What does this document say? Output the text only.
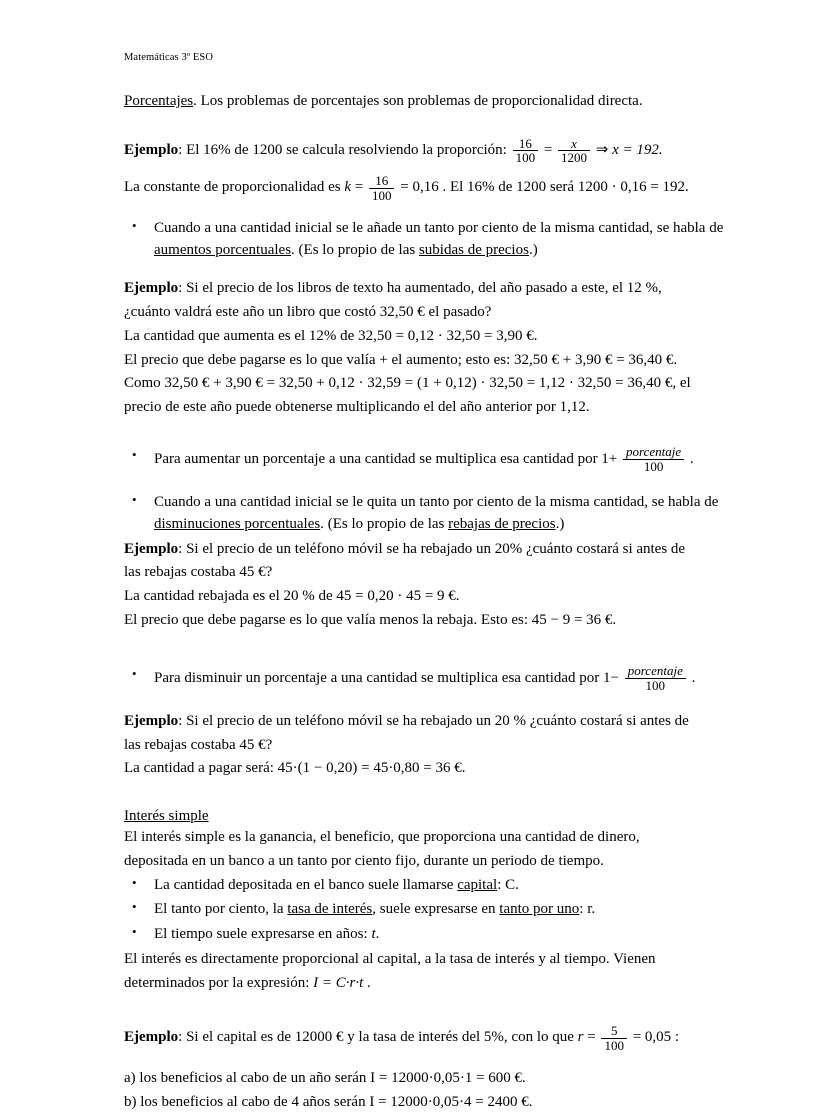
Matemáticas 3º ESO

Porcentajes. Los problemas de porcentajes son problemas de proporcionalidad directa.

Ejemplo: El 16% de 1200 se calcula resolviendo la proporción: $\frac{16}{100} = \frac{x}{1200}$ ⇒ x = 192.

La constante de proporcionalidad es $k = \frac{16}{100} = 0,16$ . El 16% de 1200 será 1200 · 0,16 = 192.

• Cuando a una cantidad inicial se le añade un tanto por ciento de la misma cantidad, se habla de aumentos porcentuales. (Es lo propio de las subidas de precios.)

Ejemplo: Si el precio de los libros de texto ha aumentado, del año pasado a este, el 12 %,

¿cuánto valdrá este año un libro que costó 32,50 € el pasado?

La cantidad que aumenta es el 12% de 32,50 = 0,12 · 32,50 = 3,90 €.

El precio que debe pagarse es lo que valía + el aumento; esto es: 32,50 € + 3,90 € = 36,40 €.

Como 32,50 € + 3,90 € = 32,50 + 0,12 · 32,59 = (1 + 0,12) · 32,50 = 1,12 · 32,50 = 36,40 €, el

precio de este año puede obtenerse multiplicando el del año anterior por 1,12.

• Para aumentar un porcentaje a una cantidad se multiplica esa cantidad por $1+ \frac{\text{porcentaje}}{100}$ .

• Cuando a una cantidad inicial se le quita un tanto por ciento de la misma cantidad, se habla de disminuciones porcentuales. (Es lo propio de las rebajas de precios.)

Ejemplo: Si el precio de un teléfono móvil se ha rebajado un 20% ¿cuánto costará si antes de

las rebajas costaba 45 €?

La cantidad rebajada es el 20 % de 45 = 0,20 · 45 = 9 €.

El precio que debe pagarse es lo que valía menos la rebaja. Esto es: 45 − 9 = 36 €.

• Para disminuir un porcentaje a una cantidad se multiplica esa cantidad por $1- \frac{\text{porcentaje}}{100}$ .

Ejemplo: Si el precio de un teléfono móvil se ha rebajado un 20 % ¿cuánto costará si antes de

las rebajas costaba 45 €?

La cantidad a pagar será: 45·(1 − 0,20) = 45·0,80 = 36 €.

Interés simple

El interés simple es la ganancia, el beneficio, que proporciona una cantidad de dinero,

depositada en un banco a un tanto por ciento fijo, durante un periodo de tiempo.

• La cantidad depositada en el banco suele llamarse capital: C.

• El tanto por ciento, la tasa de interés, suele expresarse en tanto por uno: r.

• El tiempo suele expresarse en años: t.

El interés es directamente proporcional al capital, a la tasa de interés y al tiempo. Vienen

determinados por la expresión: I = C·r·t .

Ejemplo: Si el capital es de 12000 € y la tasa de interés del 5%, con lo que $r = \frac{5}{100} = 0,05$ :

a) los beneficios al cabo de un año serán I = 12000·0,05·1 = 600 €.

b) los beneficios al cabo de 4 años serán I = 12000·0,05·4 = 2400 €.
